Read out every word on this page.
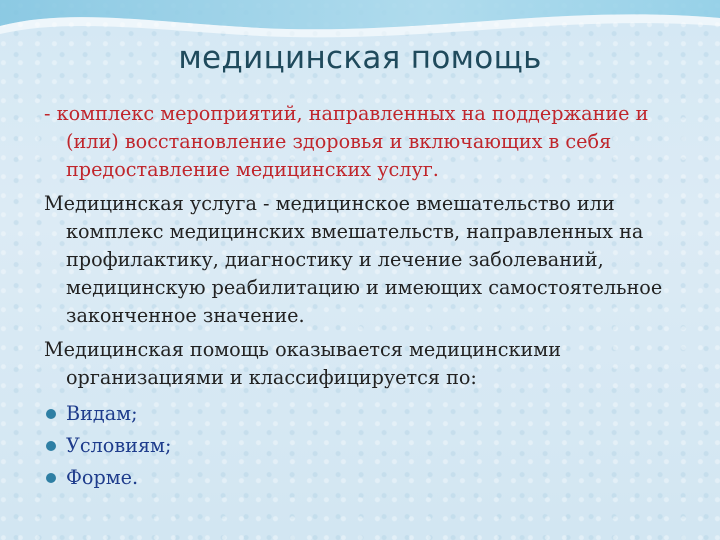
медицинская помощь

- комплекс мероприятий, направленных на поддержание и (или) восстановление здоровья и включающих в себя предоставление медицинских услуг.

Медицинская услуга - медицинское вмешательство или комплекс медицинских вмешательств, направленных на профилактику, диагностику и лечение заболеваний, медицинскую реабилитацию и имеющих самостоятельное законченное значение.

Медицинская помощь оказывается медицинскими организациями и классифицируется по:

Видам;
Условиям;
Форме.
